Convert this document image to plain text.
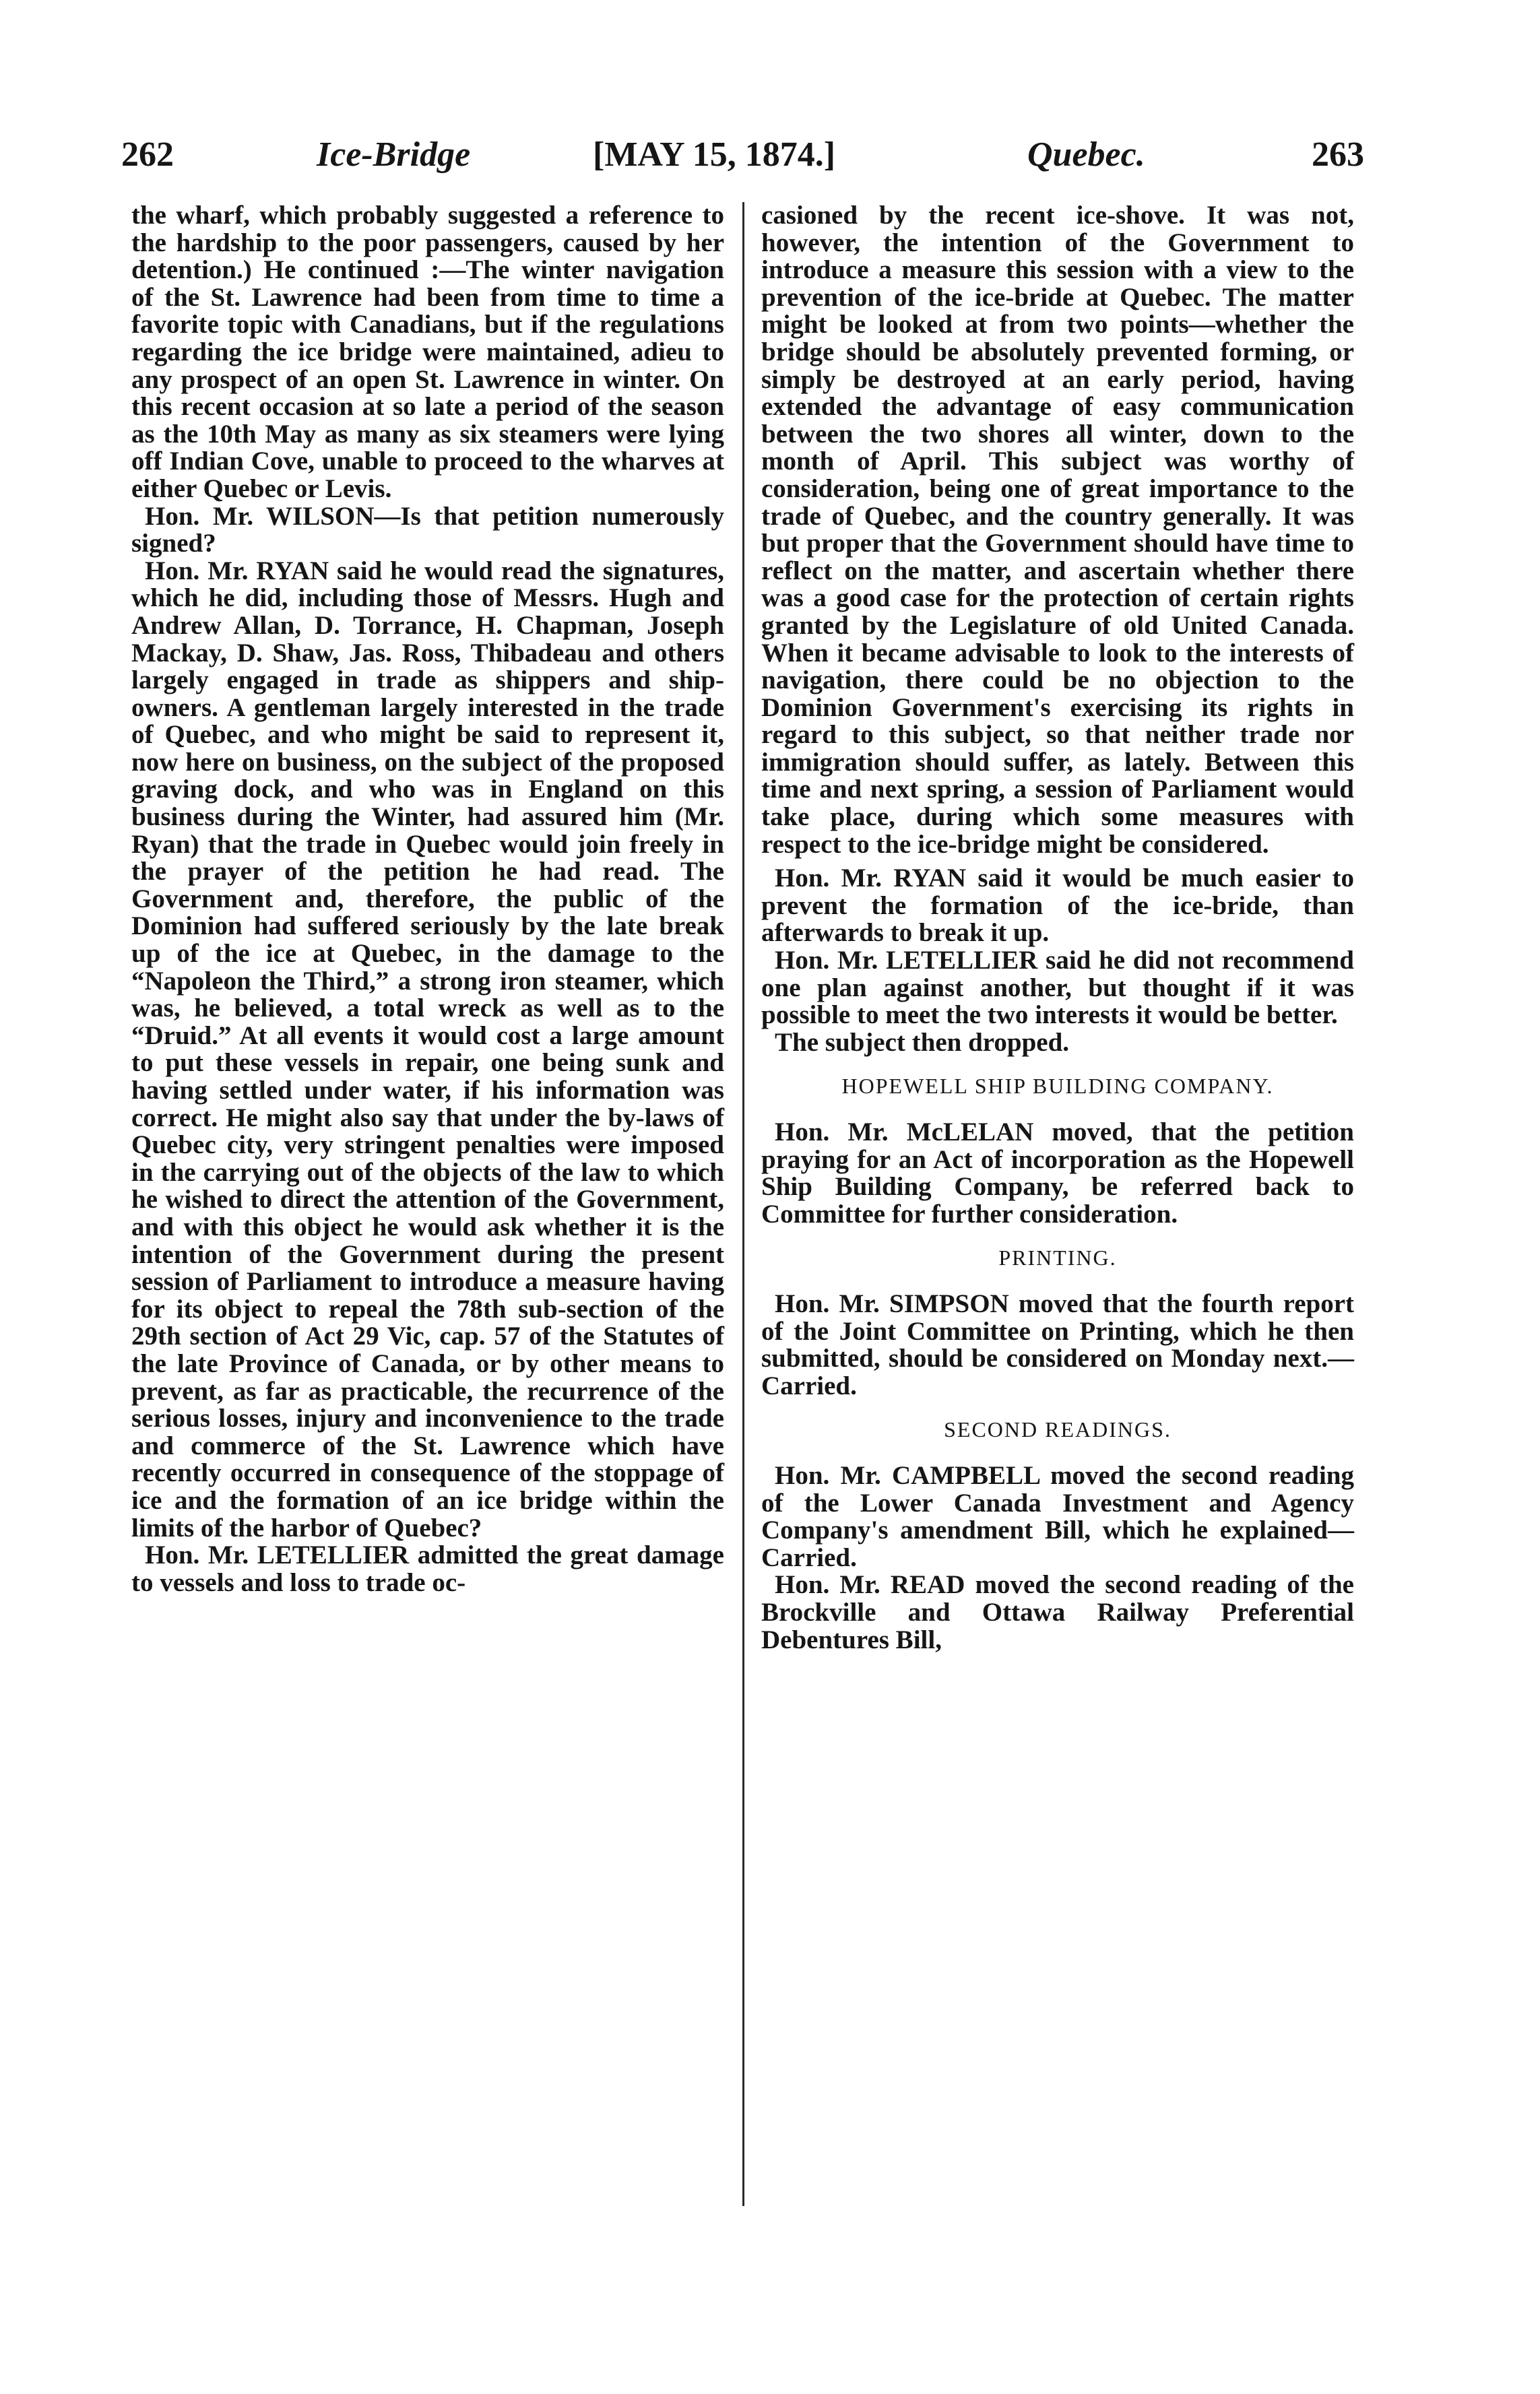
262	Ice-Bridge	[MAY 15, 1874.]	Quebec.	263

the wharf, which probably suggested a reference to the hardship to the poor passengers, caused by her detention.) He continued :—The winter navigation of the St. Lawrence had been from time to time a favorite topic with Canadians, but if the regulations regarding the ice bridge were maintained, adieu to any prospect of an open St. Lawrence in winter. On this recent occasion at so late a period of the season as the 10th May as many as six steamers were lying off Indian Cove, unable to proceed to the wharves at either Quebec or Levis.

Hon. Mr. WILSON—Is that petition numerously signed?

Hon. Mr. RYAN said he would read the signatures, which he did, including those of Messrs. Hugh and Andrew Allan, D. Torrance, H. Chapman, Joseph Mackay, D. Shaw, Jas. Ross, Thibadeau and others largely engaged in trade as shippers and ship-owners. A gentleman largely interested in the trade of Quebec, and who might be said to represent it, now here on business, on the subject of the proposed graving dock, and who was in England on this business during the Winter, had assured him (Mr. Ryan) that the trade in Quebec would join freely in the prayer of the petition he had read. The Government and, therefore, the public of the Dominion had suffered seriously by the late break up of the ice at Quebec, in the damage to the “Napoleon the Third,” a strong iron steamer, which was, he believed, a total wreck as well as to the “Druid.” At all events it would cost a large amount to put these vessels in repair, one being sunk and having settled under water, if his information was correct. He might also say that under the by-laws of Quebec city, very stringent penalties were imposed in the carrying out of the objects of the law to which he wished to direct the attention of the Government, and with this object he would ask whether it is the intention of the Government during the present session of Parliament to introduce a measure having for its object to repeal the 78th sub-section of the 29th section of Act 29 Vic, cap. 57 of the Statutes of the late Province of Canada, or by other means to prevent, as far as practicable, the recurrence of the serious losses, injury and inconvenience to the trade and commerce of the St. Lawrence which have recently occurred in consequence of the stoppage of ice and the formation of an ice bridge within the limits of the harbor of Quebec?

Hon. Mr. LETELLIER admitted the great damage to vessels and loss to trade oc-

casioned by the recent ice-shove. It was not, however, the intention of the Government to introduce a measure this session with a view to the prevention of the ice-bride at Quebec. The matter might be looked at from two points—whether the bridge should be absolutely prevented forming, or simply be destroyed at an early period, having extended the advantage of easy communication between the two shores all winter, down to the month of April. This subject was worthy of consideration, being one of great importance to the trade of Quebec, and the country generally. It was but proper that the Government should have time to reflect on the matter, and ascertain whether there was a good case for the protection of certain rights granted by the Legislature of old United Canada. When it became advisable to look to the interests of navigation, there could be no objection to the Dominion Government's exercising its rights in regard to this subject, so that neither trade nor immigration should suffer, as lately. Between this time and next spring, a session of Parliament would take place, during which some measures with respect to the ice-bridge might be considered.

Hon. Mr. RYAN said it would be much easier to prevent the formation of the ice-bride, than afterwards to break it up.

Hon. Mr. LETELLIER said he did not recommend one plan against another, but thought if it was possible to meet the two interests it would be better.

The subject then dropped.

HOPEWELL SHIP BUILDING COMPANY.

Hon. Mr. McLELAN moved, that the petition praying for an Act of incorporation as the Hopewell Ship Building Company, be referred back to Committee for further consideration.

PRINTING.

Hon. Mr. SIMPSON moved that the fourth report of the Joint Committee on Printing, which he then submitted, should be considered on Monday next.—Carried.

SECOND READINGS.

Hon. Mr. CAMPBELL moved the second reading of the Lower Canada Investment and Agency Company's amendment Bill, which he explained—Carried.

Hon. Mr. READ moved the second reading of the Brockville and Ottawa Railway Preferential Debentures Bill,
